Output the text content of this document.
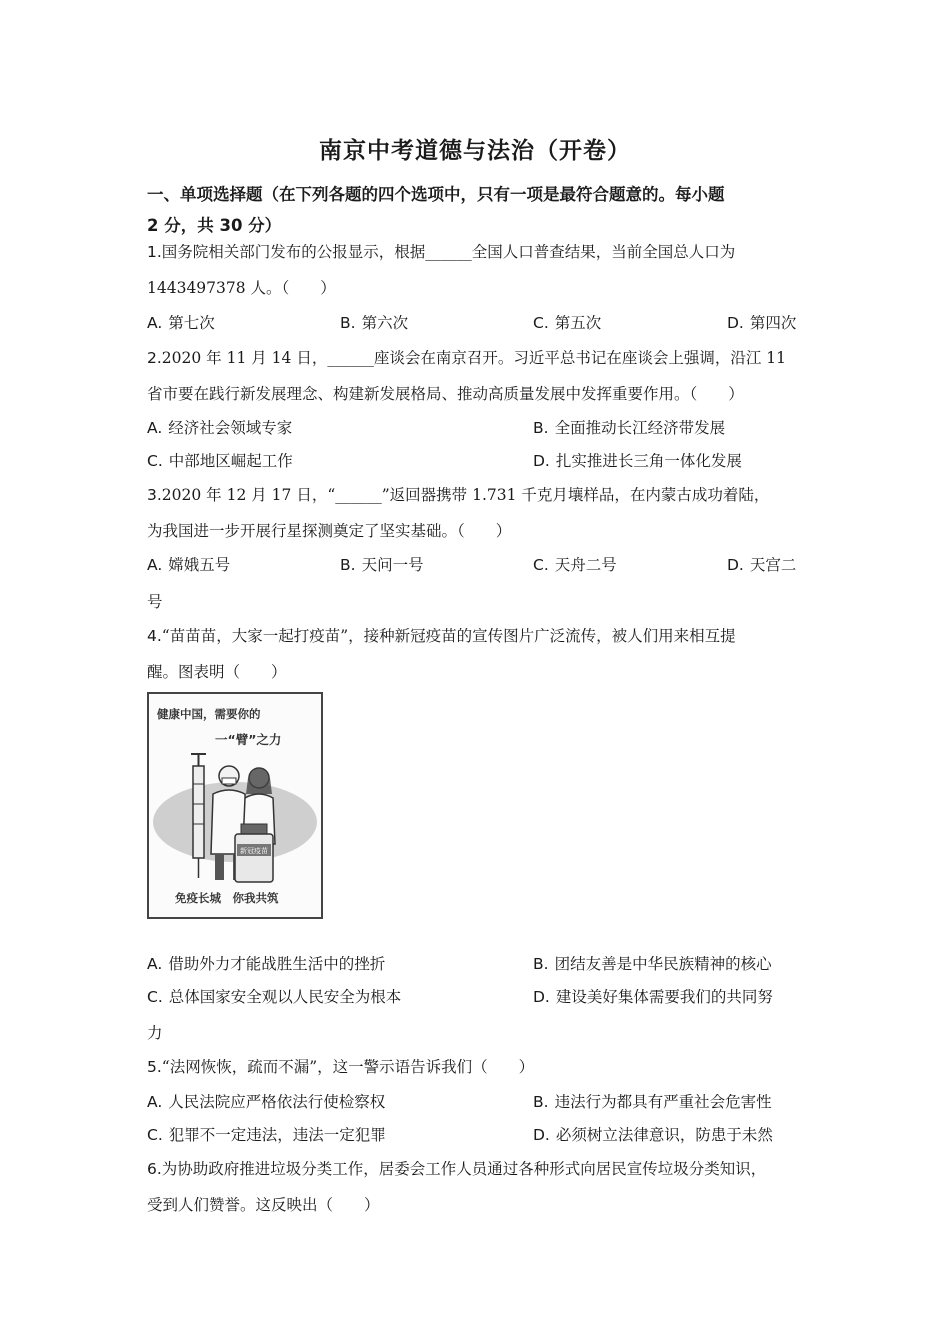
南京中考道德与法治（开卷）
一、单项选择题（在下列各题的四个选项中，只有一项是最符合题意的。每小题
2 分，共 30 分）
1.国务院相关部门发布的公报显示，根据______全国人口普查结果，当前全国总人口为
1443497378 人。（　　）
A. 第七次	B. 第六次	C. 第五次	D. 第四次
2.2020 年 11 月 14 日，______座谈会在南京召开。习近平总书记在座谈会上强调，沿江 11
省市要在践行新发展理念、构建新发展格局、推动高质量发展中发挥重要作用。（　　）
A. 经济社会领域专家	B. 全面推动长江经济带发展
C. 中部地区崛起工作	D. 扎实推进长三角一体化发展
3.2020 年 12 月 17 日，“______”返回器携带 1.731 千克月壤样品，在内蒙古成功着陆，
为我国进一步开展行星探测奠定了坚实基础。（　　）
A. 嫦娥五号	B. 天问一号	C. 天舟二号	D. 天宫二
号
4.“苗苗苗，大家一起打疫苗”，接种新冠疫苗的宣传图片广泛流传，被人们用来相互提
醒。图表明（　　）
健康中国，需要你的
一“臂”之力
新冠疫苗
免疫长城　你我共筑
A. 借助外力才能战胜生活中的挫折	B. 团结友善是中华民族精神的核心
C. 总体国家安全观以人民安全为根本	D. 建设美好集体需要我们的共同努
力
5.“法网恢恢，疏而不漏”，这一警示语告诉我们（　　）
A. 人民法院应严格依法行使检察权	B. 违法行为都具有严重社会危害性
C. 犯罪不一定违法，违法一定犯罪	D. 必须树立法律意识，防患于未然
6.为协助政府推进垃圾分类工作，居委会工作人员通过各种形式向居民宣传垃圾分类知识，
受到人们赞誉。这反映出（　　）
